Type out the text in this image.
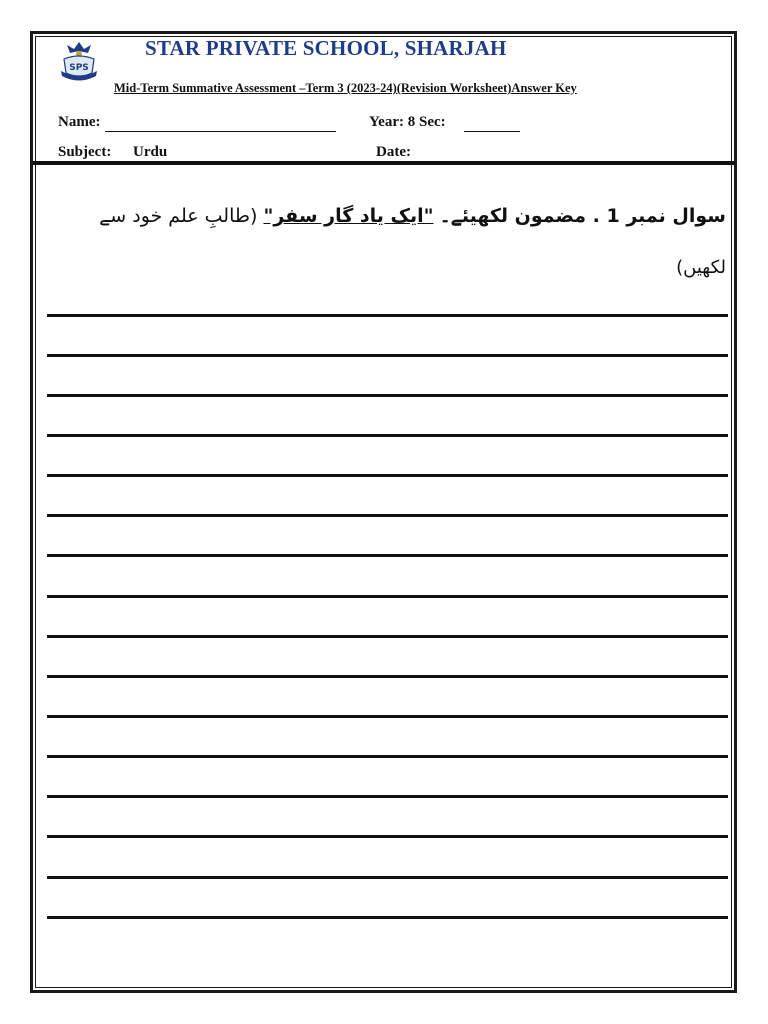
SPS
STAR PRIVATE SCHOOL, SHARJAH
Mid-Term Summative Assessment –Term 3 (2023-24)(Revision Worksheet)Answer Key
Name:	Year: 8 Sec:
Subject: Urdu	Date:
سوال نمبر 1 . مضمون لکھیئے۔ "ایک یاد گار سفر" (طالبِ علم خود سے
لکھیں)
